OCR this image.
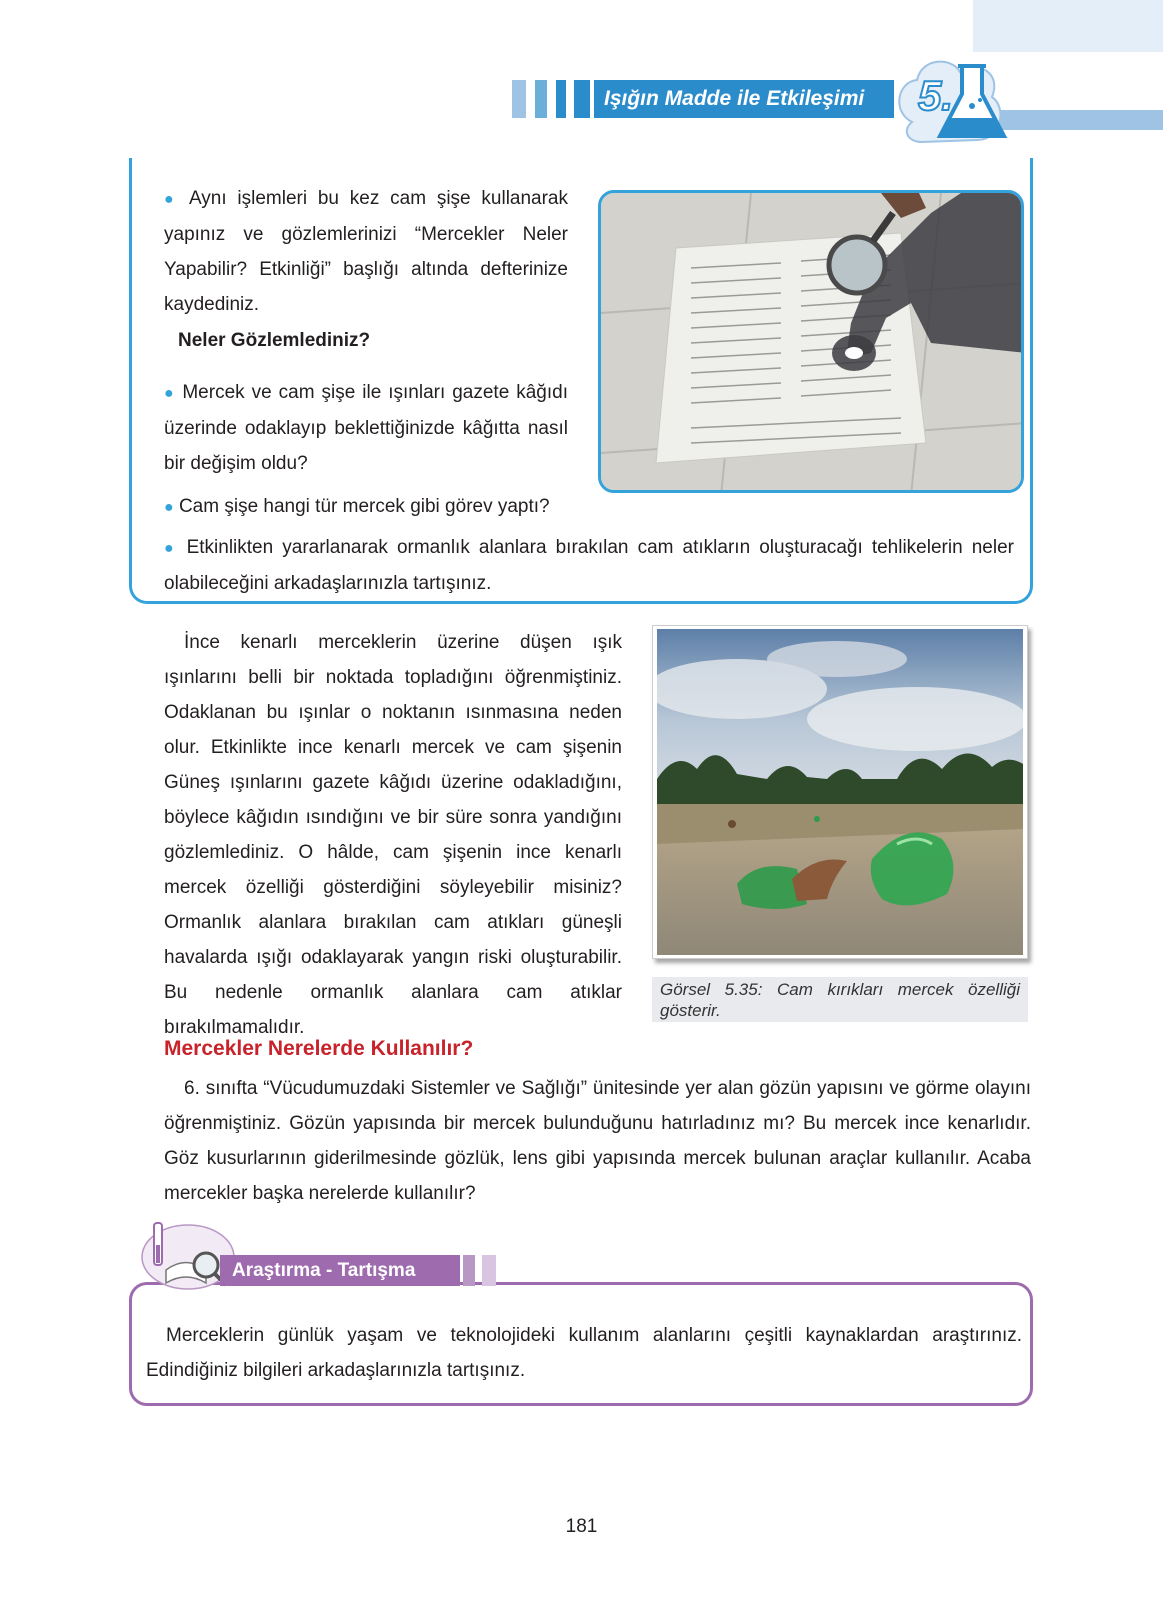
Işığın Madde ile Etkileşimi	5.
● Aynı işlemleri bu kez cam şişe kullanarak yapınız ve gözlemlerinizi “Mercekler Neler Yapabilir? Etkinliği” başlığı altında defterinize kaydediniz.
Neler Gözlemlediniz?
● Mercek ve cam şişe ile ışınları gazete kâğıdı üzerinde odaklayıp beklettiğinizde kâğıtta nasıl bir değişim oldu?
● Cam şişe hangi tür mercek gibi görev yaptı?
● Etkinlikten yararlanarak ormanlık alanlara bırakılan cam atıkların oluşturacağı tehlikelerin neler olabileceğini arkadaşlarınızla tartışınız.
İnce kenarlı merceklerin üzerine düşen ışık ışınlarını belli bir noktada topladığını öğrenmiştiniz. Odaklanan bu ışınlar o noktanın ısınmasına neden olur. Etkinlikte ince kenarlı mercek ve cam şişenin Güneş ışınlarını gazete kâğıdı üzerine odakladığını, böylece kâğıdın ısındığını ve bir süre sonra yandığını gözlemlediniz. O hâlde, cam şişenin ince kenarlı mercek özelliği gösterdiğini söyleyebilir misiniz? Ormanlık alanlara bırakılan cam atıkları güneşli havalarda ışığı odaklayarak yangın riski oluşturabilir. Bu nedenle ormanlık alanlara cam atıklar bırakılmamalıdır.
Görsel 5.35: Cam kırıkları mercek özelliği gösterir.
Mercekler Nerelerde Kullanılır?
6. sınıfta “Vücudumuzdaki Sistemler ve Sağlığı” ünitesinde yer alan gözün yapısını ve görme olayını öğrenmiştiniz. Gözün yapısında bir mercek bulunduğunu hatırladınız mı? Bu mercek ince kenarlıdır. Göz kusurlarının giderilmesinde gözlük, lens gibi yapısında mercek bulunan araçlar kullanılır. Acaba mercekler başka nerelerde kullanılır?
Araştırma - Tartışma
Merceklerin günlük yaşam ve teknolojideki kullanım alanlarını çeşitli kaynaklardan araştırınız. Edindiğiniz bilgileri arkadaşlarınızla tartışınız.
181
